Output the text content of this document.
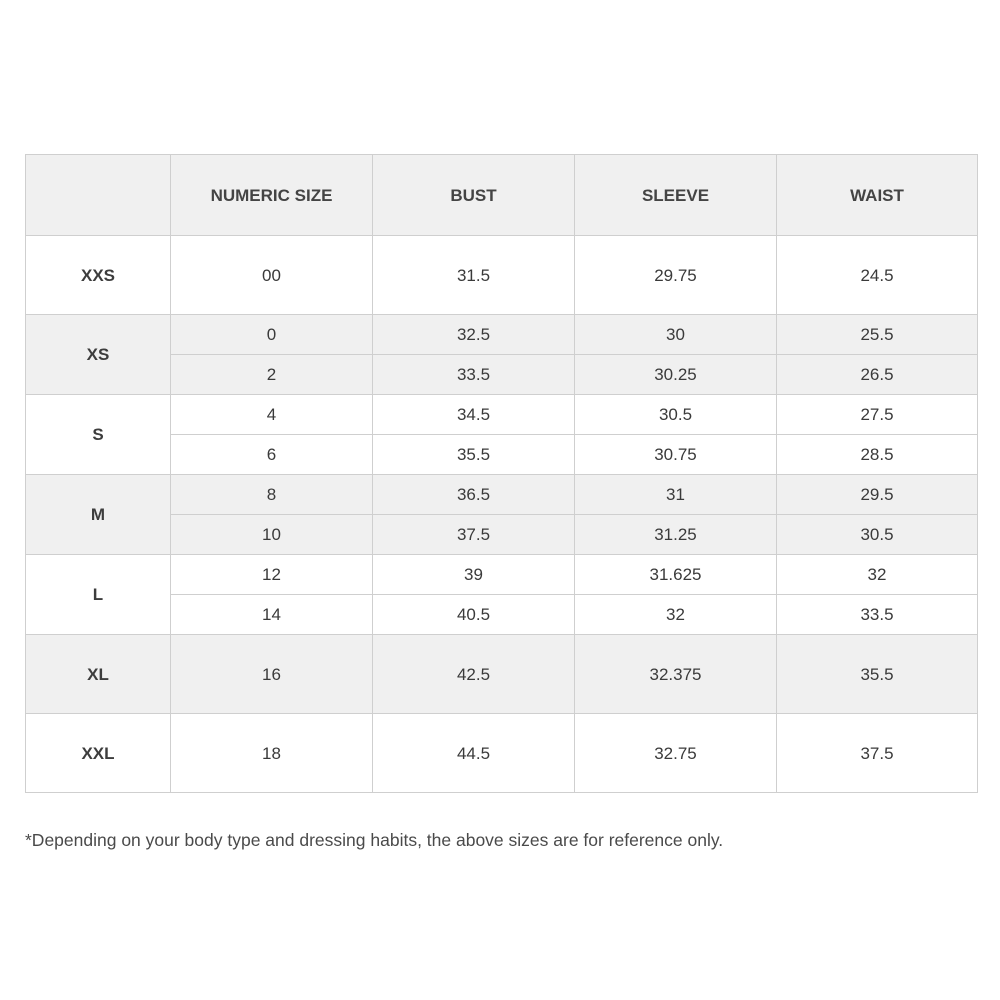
	NUMERIC SIZE	BUST	SLEEVE	WAIST
XXS	00	31.5	29.75	24.5
XS	0	32.5	30	25.5
	2	33.5	30.25	26.5
S	4	34.5	30.5	27.5
	6	35.5	30.75	28.5
M	8	36.5	31	29.5
	10	37.5	31.25	30.5
L	12	39	31.625	32
	14	40.5	32	33.5
XL	16	42.5	32.375	35.5
XXL	18	44.5	32.75	37.5

*Depending on your body type and dressing habits, the above sizes are for reference only.
